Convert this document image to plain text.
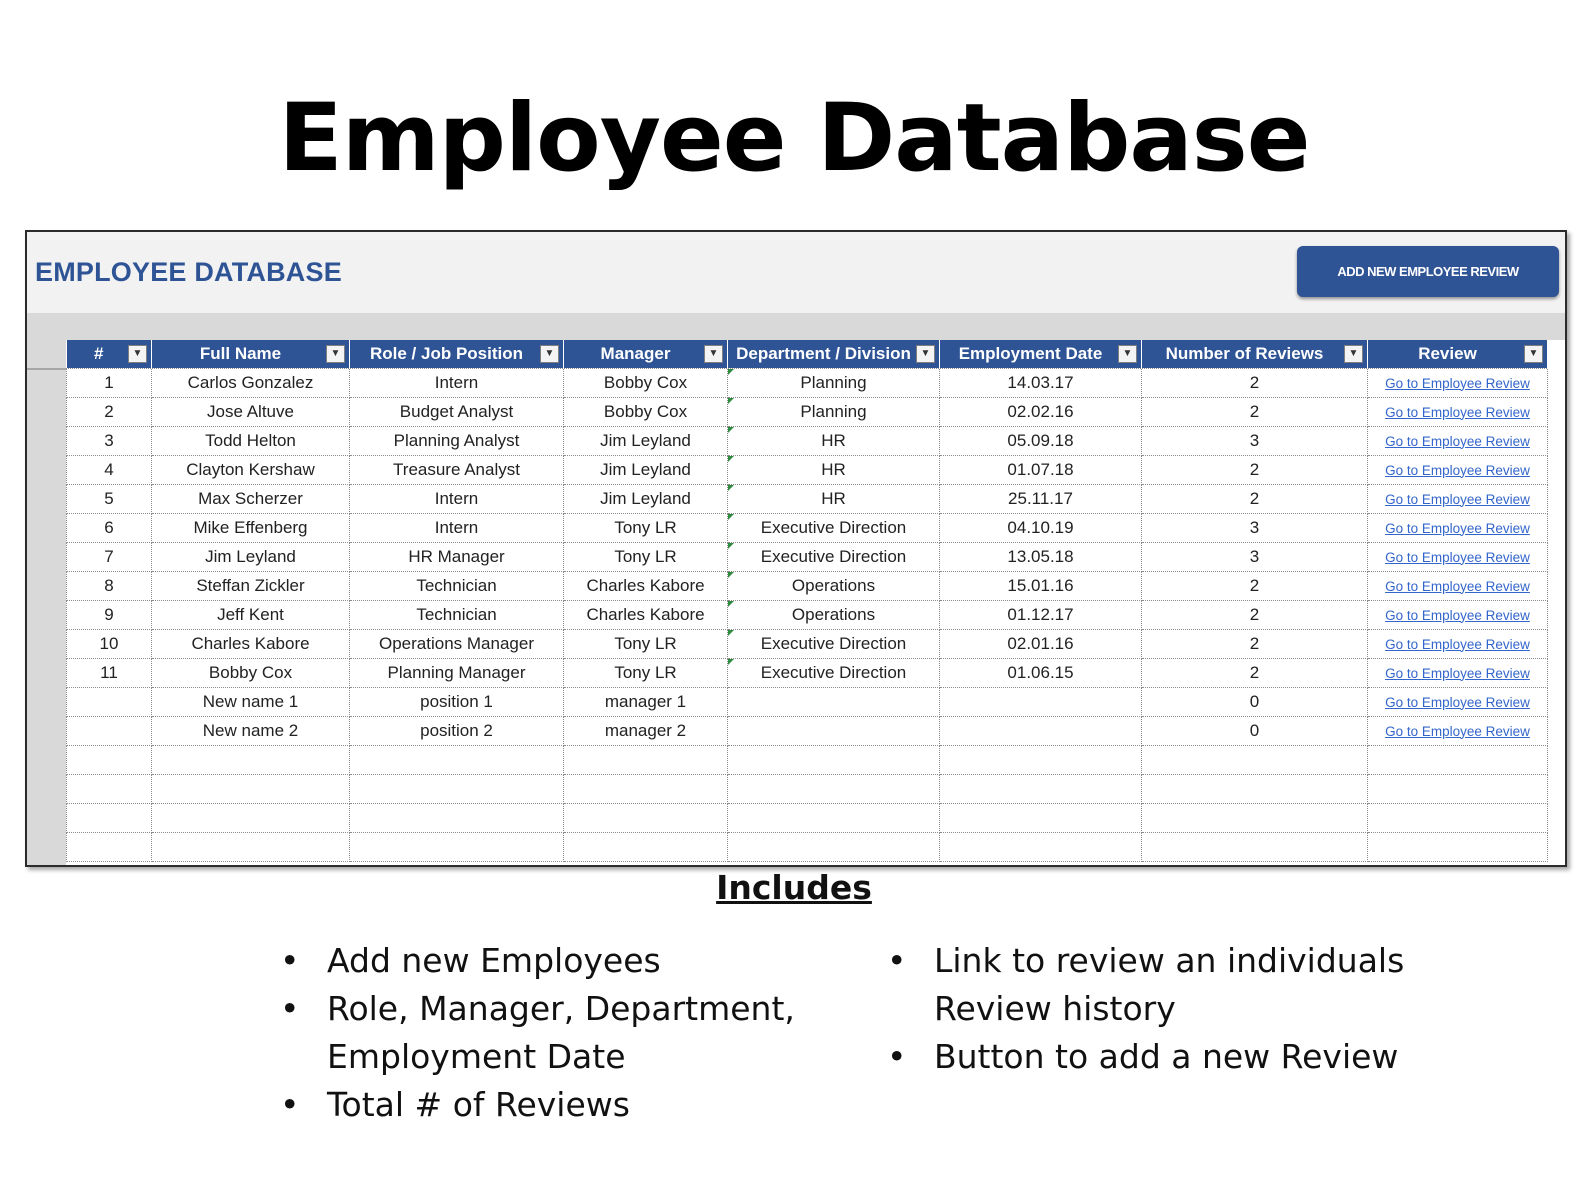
Employee Database
EMPLOYEE DATABASE	ADD NEW EMPLOYEE REVIEW
# ▼	Full Name ▼	Role / Job Position ▼	Manager ▼	Department / Division ▼	Employment Date ▼	Number of Reviews ▼	Review ▼

1	Carlos Gonzalez	Intern	Bobby Cox	Planning	14.03.17	2	Go to Employee Review
2	Jose Altuve	Budget Analyst	Bobby Cox	Planning	02.02.16	2	Go to Employee Review
3	Todd Helton	Planning Analyst	Jim Leyland	HR	05.09.18	3	Go to Employee Review
4	Clayton Kershaw	Treasure Analyst	Jim Leyland	HR	01.07.18	2	Go to Employee Review
5	Max Scherzer	Intern	Jim Leyland	HR	25.11.17	2	Go to Employee Review
6	Mike Effenberg	Intern	Tony LR	Executive Direction	04.10.19	3	Go to Employee Review
7	Jim Leyland	HR Manager	Tony LR	Executive Direction	13.05.18	3	Go to Employee Review
8	Steffan Zickler	Technician	Charles Kabore	Operations	15.01.16	2	Go to Employee Review
9	Jeff Kent	Technician	Charles Kabore	Operations	01.12.17	2	Go to Employee Review
10	Charles Kabore	Operations Manager	Tony LR	Executive Direction	02.01.16	2	Go to Employee Review
11	Bobby Cox	Planning Manager	Tony LR	Executive Direction	01.06.15	2	Go to Employee Review
	New name 1	position 1	manager 1			0	Go to Employee Review
	New name 2	position 2	manager 2			0	Go to Employee Review

Includes
• Add new Employees
• Role, Manager, Department, Employment Date
• Total # of Reviews
• Link to review an individuals Review history
• Button to add a new Review
